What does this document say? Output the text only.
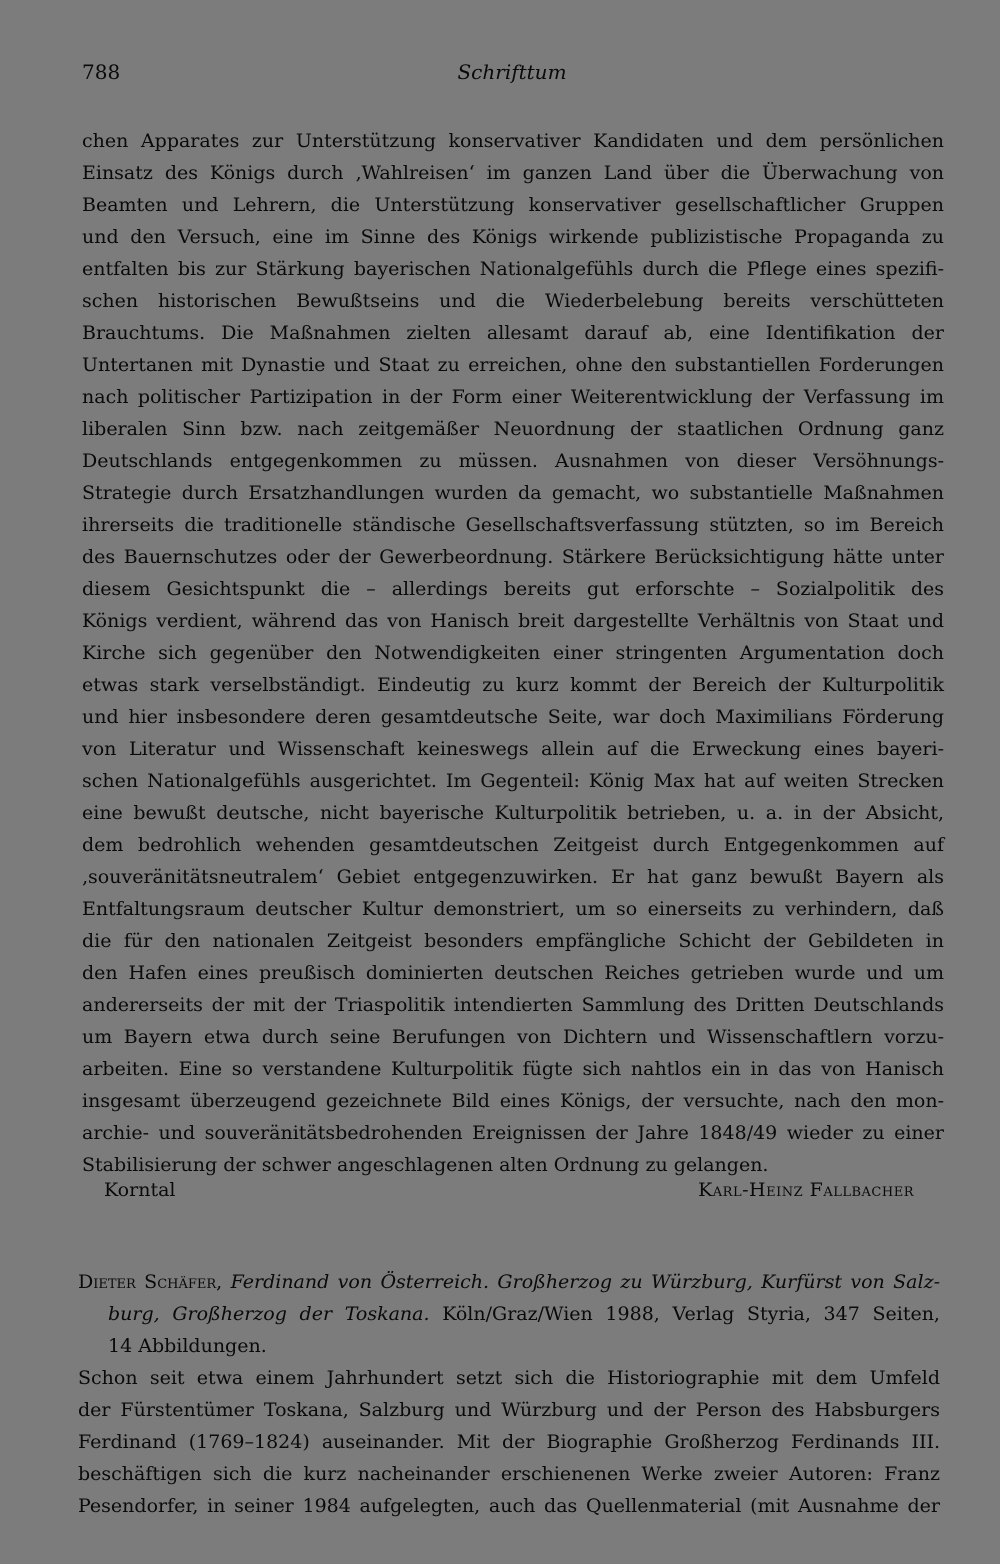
788	Schrifttum
chen Apparates zur Unterstützung konservativer Kandidaten und dem persönlichen
Einsatz des Königs durch ‚Wahlreisen‘ im ganzen Land über die Überwachung von
Beamten und Lehrern, die Unterstützung konservativer gesellschaftlicher Gruppen
und den Versuch, eine im Sinne des Königs wirkende publizistische Propaganda zu
entfalten bis zur Stärkung bayerischen Nationalgefühls durch die Pflege eines spezifi-
schen historischen Bewußtseins und die Wiederbelebung bereits verschütteten
Brauchtums. Die Maßnahmen zielten allesamt darauf ab, eine Identifikation der
Untertanen mit Dynastie und Staat zu erreichen, ohne den substantiellen Forderungen
nach politischer Partizipation in der Form einer Weiterentwicklung der Verfassung im
liberalen Sinn bzw. nach zeitgemäßer Neuordnung der staatlichen Ordnung ganz
Deutschlands entgegenkommen zu müssen. Ausnahmen von dieser Versöhnungs-
Strategie durch Ersatzhandlungen wurden da gemacht, wo substantielle Maßnahmen
ihrerseits die traditionelle ständische Gesellschaftsverfassung stützten, so im Bereich
des Bauernschutzes oder der Gewerbeordnung. Stärkere Berücksichtigung hätte unter
diesem Gesichtspunkt die – allerdings bereits gut erforschte – Sozialpolitik des
Königs verdient, während das von Hanisch breit dargestellte Verhältnis von Staat und
Kirche sich gegenüber den Notwendigkeiten einer stringenten Argumentation doch
etwas stark verselbständigt. Eindeutig zu kurz kommt der Bereich der Kulturpolitik
und hier insbesondere deren gesamtdeutsche Seite, war doch Maximilians Förderung
von Literatur und Wissenschaft keineswegs allein auf die Erweckung eines bayeri-
schen Nationalgefühls ausgerichtet. Im Gegenteil: König Max hat auf weiten Strecken
eine bewußt deutsche, nicht bayerische Kulturpolitik betrieben, u. a. in der Absicht,
dem bedrohlich wehenden gesamtdeutschen Zeitgeist durch Entgegenkommen auf
‚souveränitätsneutralem‘ Gebiet entgegenzuwirken. Er hat ganz bewußt Bayern als
Entfaltungsraum deutscher Kultur demonstriert, um so einerseits zu verhindern, daß
die für den nationalen Zeitgeist besonders empfängliche Schicht der Gebildeten in
den Hafen eines preußisch dominierten deutschen Reiches getrieben wurde und um
andererseits der mit der Triaspolitik intendierten Sammlung des Dritten Deutschlands
um Bayern etwa durch seine Berufungen von Dichtern und Wissenschaftlern vorzu-
arbeiten. Eine so verstandene Kulturpolitik fügte sich nahtlos ein in das von Hanisch
insgesamt überzeugend gezeichnete Bild eines Königs, der versuchte, nach den mon-
archie- und souveränitätsbedrohenden Ereignissen der Jahre 1848/49 wieder zu einer
Stabilisierung der schwer angeschlagenen alten Ordnung zu gelangen.
Korntal	Karl-Heinz Fallbacher
Dieter Schäfer, Ferdinand von Österreich. Großherzog zu Würzburg, Kurfürst von Salz-
burg, Großherzog der Toskana. Köln/Graz/Wien 1988, Verlag Styria, 347 Seiten,
14 Abbildungen.
Schon seit etwa einem Jahrhundert setzt sich die Historiographie mit dem Umfeld
der Fürstentümer Toskana, Salzburg und Würzburg und der Person des Habsburgers
Ferdinand (1769–1824) auseinander. Mit der Biographie Großherzog Ferdinands III.
beschäftigen sich die kurz nacheinander erschienenen Werke zweier Autoren: Franz
Pesendorfer, in seiner 1984 aufgelegten, auch das Quellenmaterial (mit Ausnahme der
